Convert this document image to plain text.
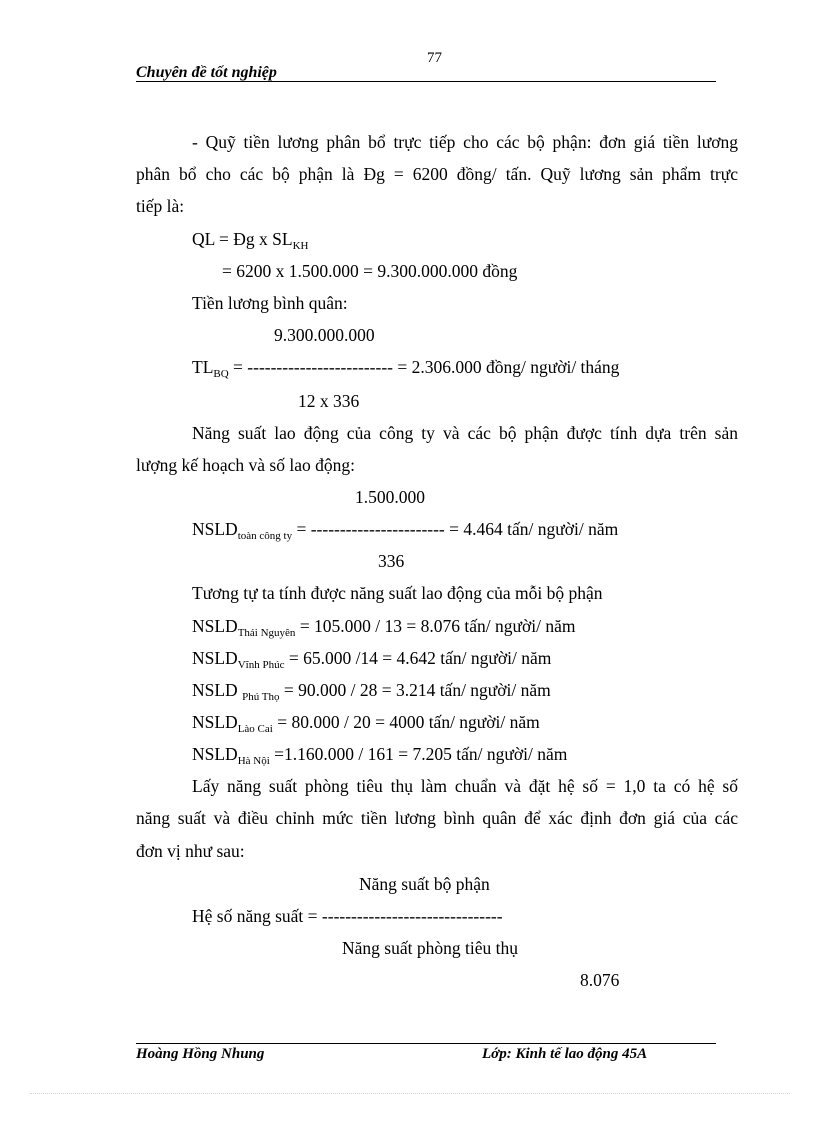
77
Chuyên đề tốt nghiệp
- Quỹ tiền lương phân bổ trực tiếp cho các bộ phận: đơn giá tiền lương
phân bổ cho các bộ phận là Đg = 6200 đồng/ tấn. Quỹ lương sản phẩm trực
tiếp là:
QL = Đg x $SL_{KH}$
= 6200 x 1.500.000 = 9.300.000.000 đồng
Tiền lương bình quân:
9.300.000.000
$TL_{BQ}$ = ------------------------- = 2.306.000 đồng/ người/ tháng
12 x 336
Năng suất lao động của công ty và các bộ phận được tính dựa trên sản
lượng kế hoạch và số lao động:
1.500.000
$NSLD_{toàn công ty}$ = ----------------------- = 4.464 tấn/ người/ năm
336
Tương tự ta tính được năng suất lao động của mỗi bộ phận
$NSLD_{Thái Nguyên} = 105.000 / 13 = 8.076$ tấn/ người/ năm
$NSLD_{Vĩnh Phúc} = 65.000$ /14 = 4.642 tấn/ người/ năm
NSLD $_{Phú Thọ}$ = 90.000 / 28 = 3.214 tấn/ người/ năm
$NSLD_{Lào Cai} = 80.000 / 20 = 4000$ tấn/ người/ năm
$NSLD_{Hà Nội} =1.160.000 / 161 = 7.205$ tấn/ người/ năm
Lấy năng suất phòng tiêu thụ làm chuẩn và đặt hệ số = 1,0 ta có hệ số
năng suất và điều chỉnh mức tiền lương bình quân để xác định đơn giá của các
đơn vị như sau:
Năng suất bộ phận
Hệ số năng suất = -------------------------------
Năng suất phòng tiêu thụ
8.076
Hoàng Hồng Nhung	Lớp: Kinh tế lao động 45A
